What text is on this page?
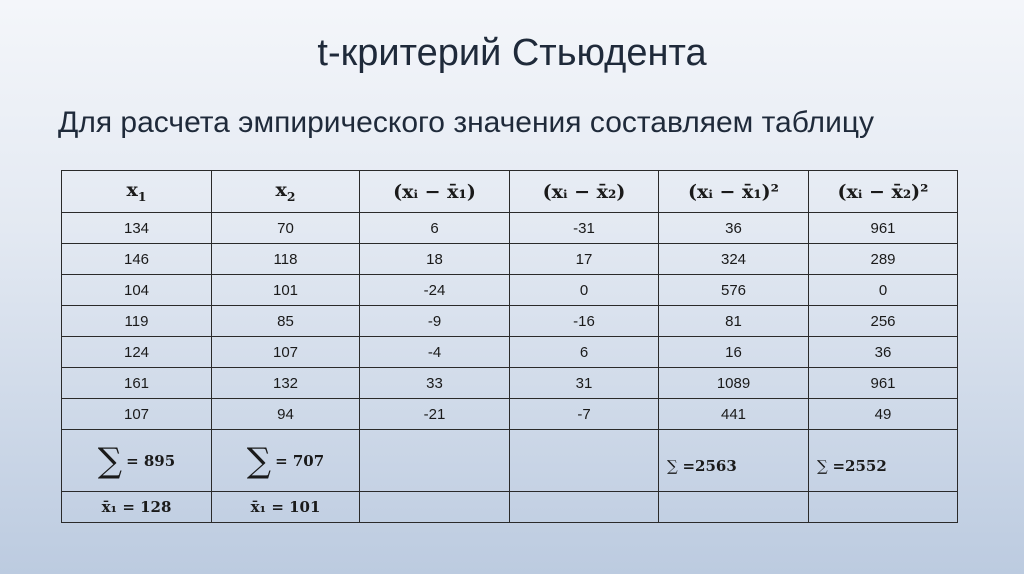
t-критерий Стьюдента
Для расчета эмпирического значения составляем таблицу
$x_1$	$x_2$	(xᵢ − x̄₁)	(xᵢ − x̄₂)	(xᵢ − x̄₁)²	(xᵢ − x̄₂)²
134	70	6	-31	36	961
146	118	18	17	324	289
104	101	-24	0	576	0
119	85	-9	-16	81	256
124	107	-4	6	16	36
161	132	33	31	1089	961
107	94	-21	-7	441	49
∑ = 895	∑ = 707			∑ =2563	∑ =2552
x̄₁ = 128	x̄₁ = 101				
